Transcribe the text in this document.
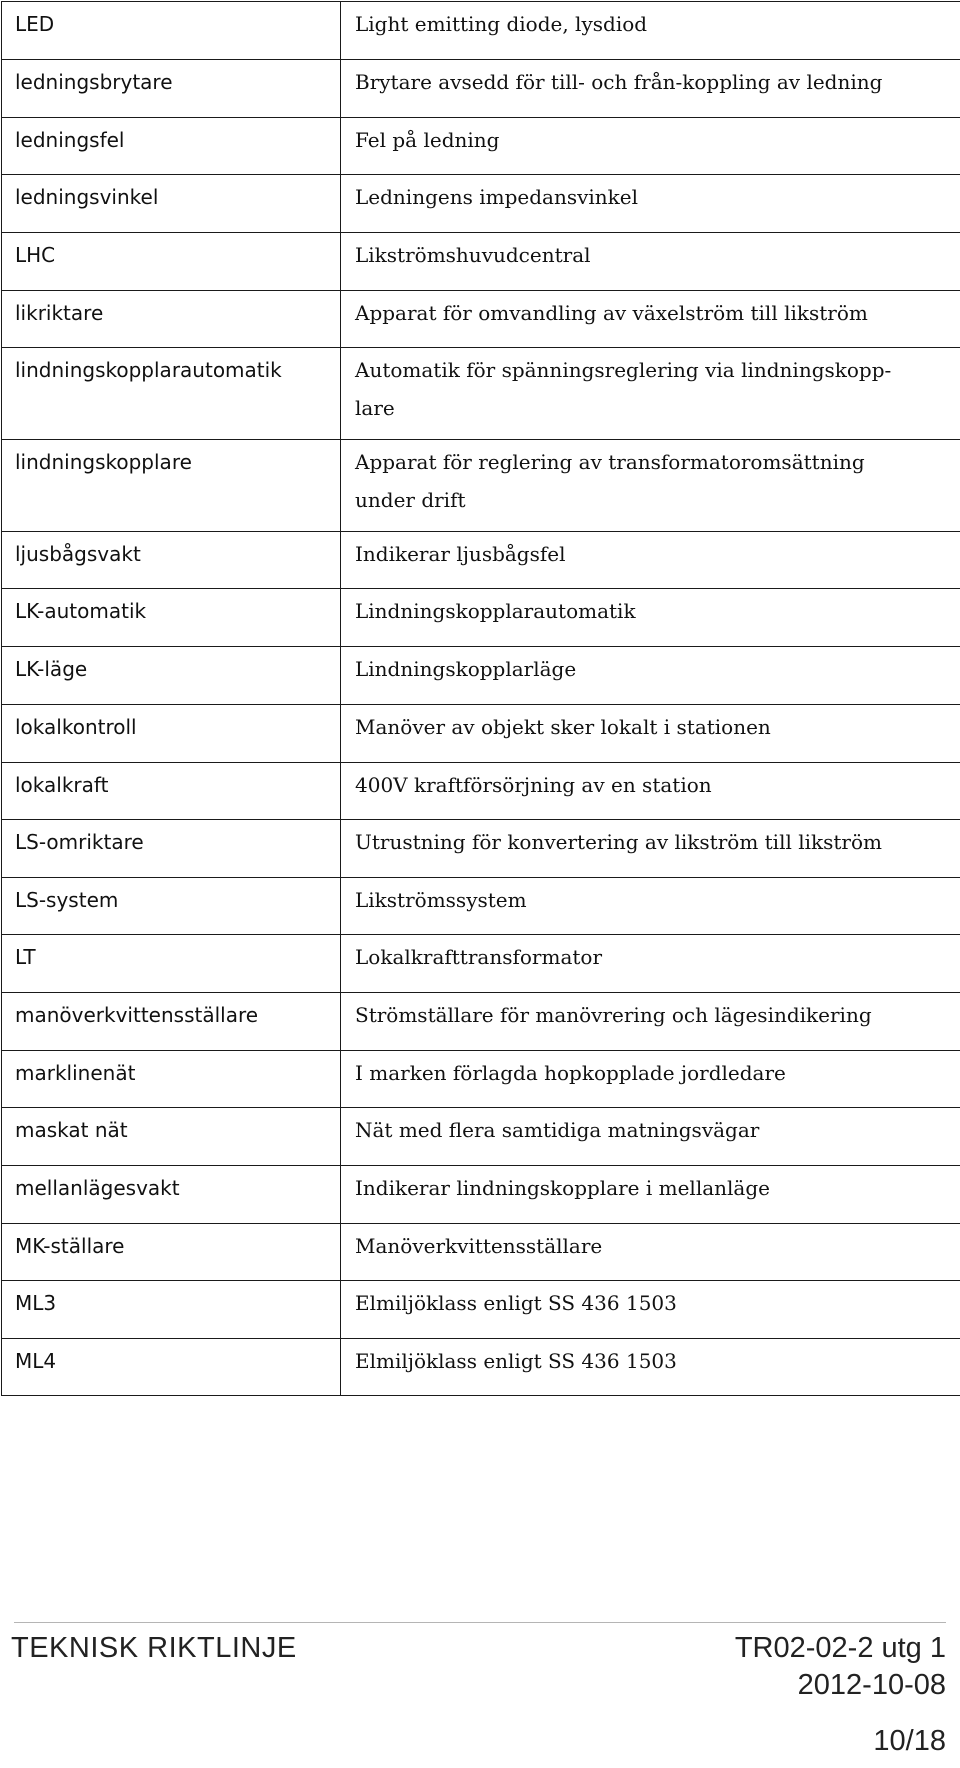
LED	Light emitting diode, lysdiod

ledningsbrytare	Brytare avsedd för till- och från-koppling av ledning

ledningsfel	Fel på ledning

ledningsvinkel	Ledningens impedansvinkel

LHC	Likströmshuvudcentral

likriktare	Apparat för omvandling av växelström till likström

lindningskopplarautomatik	Automatik för spänningsreglering via lindningskopp-
lare

lindningskopplare	Apparat för reglering av transformatoromsättning
under drift

ljusbågsvakt	Indikerar ljusbågsfel

LK-automatik	Lindningskopplarautomatik

LK-läge	Lindningskopplarläge

lokalkontroll	Manöver av objekt sker lokalt i stationen

lokalkraft	400V kraftförsörjning av en station

LS-omriktare	Utrustning för konvertering av likström till likström

LS-system	Likströmssystem

LT	Lokalkrafttransformator

manöverkvittensställare	Strömställare för manövrering och lägesindikering

marklinenät	I marken förlagda hopkopplade jordledare

maskat nät	Nät med flera samtidiga matningsvägar

mellanlägesvakt	Indikerar lindningskopplare i mellanläge

MK-ställare	Manöverkvittensställare

ML3	Elmiljöklass enligt SS 436 1503

ML4	Elmiljöklass enligt SS 436 1503
TEKNISK RIKTLINJE	TR02-02-2 utg 1
2012-10-08
10/18
